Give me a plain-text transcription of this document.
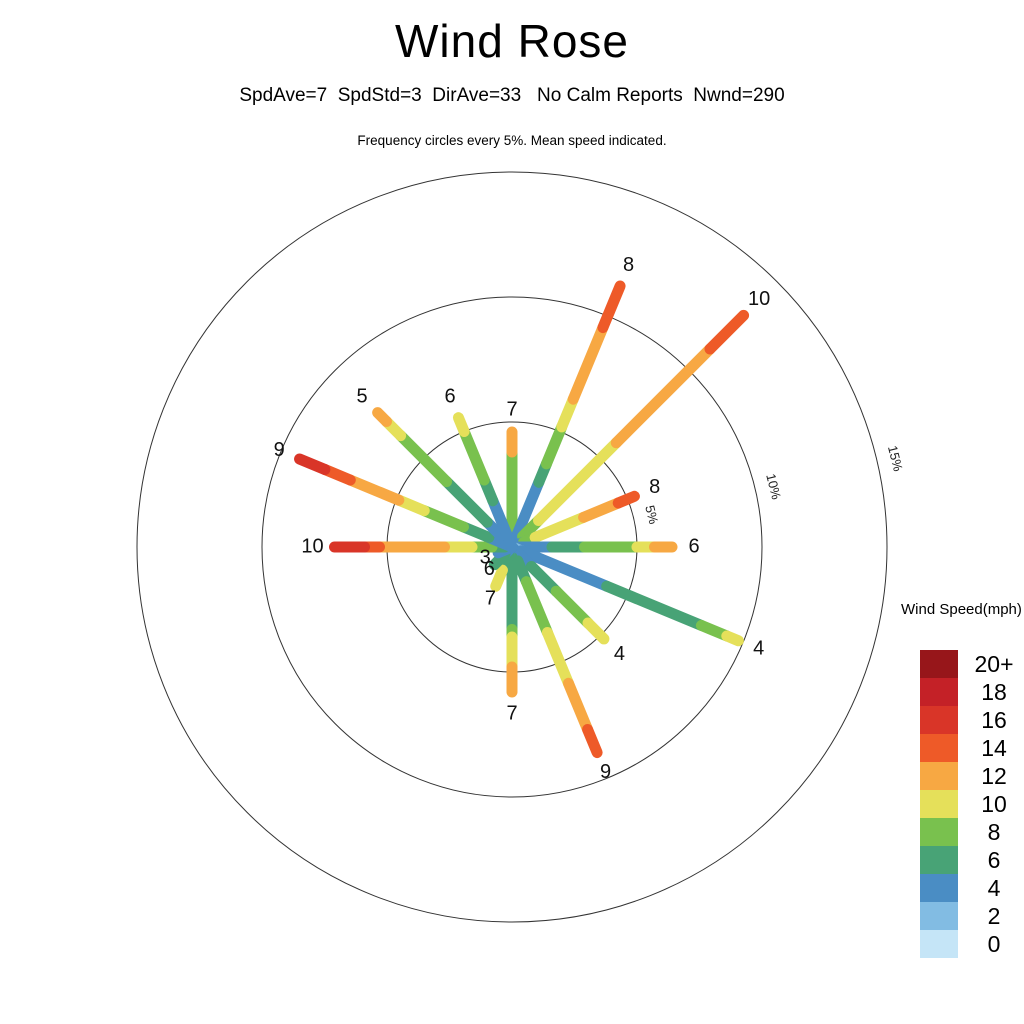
Wind Rose
SpdAve=7  SpdStd=3  DirAve=33   No Calm Reports  Nwnd=290
Frequency circles every 5%. Mean speed indicated.
5%
10%
15%
7
8
10
8
6
4
4
9
7
7
6
3
10
9
5	6
Wind Speed(mph)
20+
18
16
14
12
10
8
6
4
2
0
